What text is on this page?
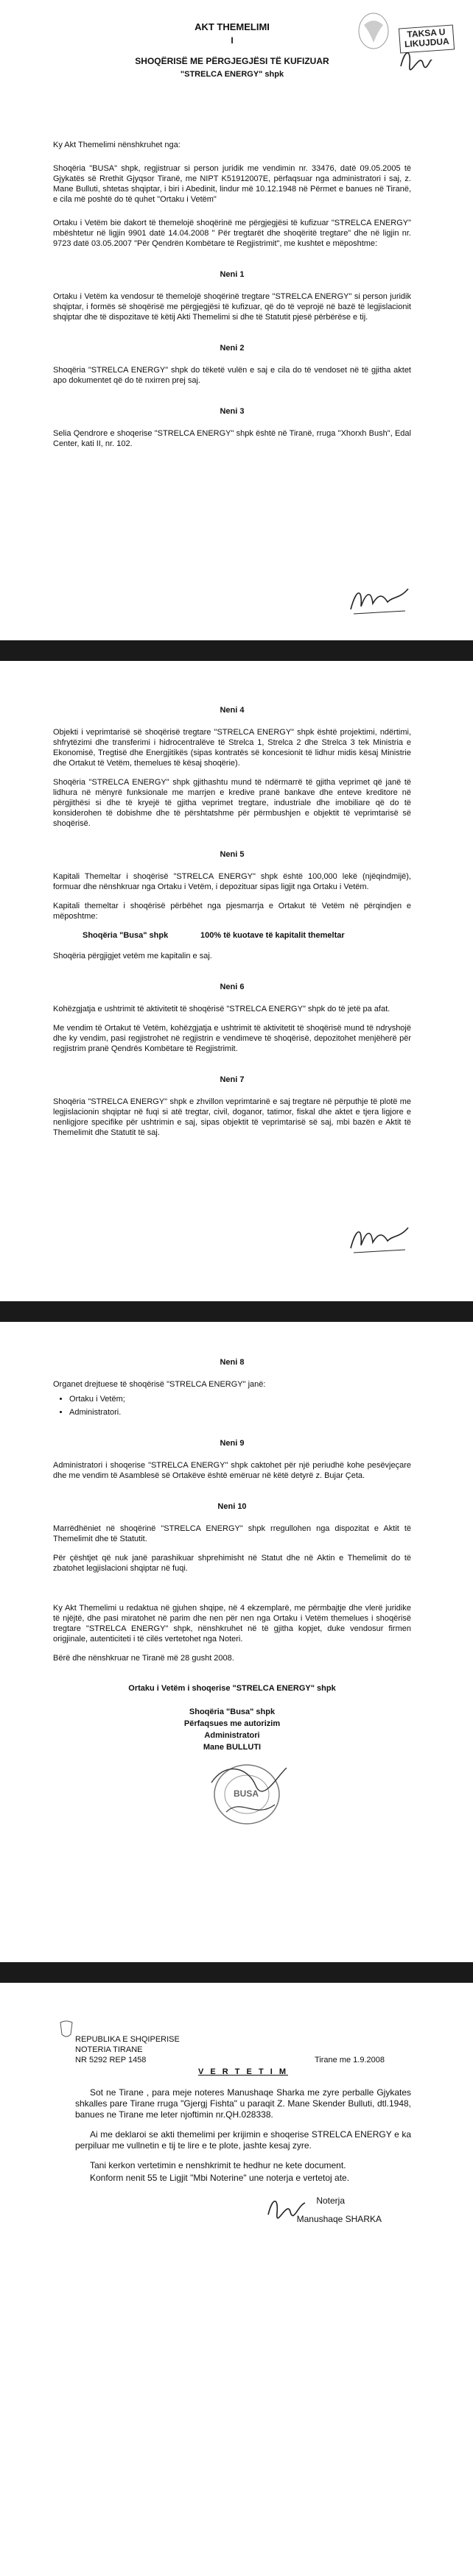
TAKSA U LIKUJDUA
AKT THEMELIMI
I
SHOQËRISË ME PËRGJEGJËSI TË KUFIZUAR
"STRELCA ENERGY" shpk

Ky Akt Themelimi nënshkruhet nga:

Shoqëria "BUSA" shpk, regjistruar si person juridik me vendimin nr. 33476, datë 09.05.2005 të Gjykatës së Rrethit Gjyqsor Tiranë, me NIPT K51912007E, përfaqsuar nga administratori i saj, z. Mane Bulluti, shtetas shqiptar, i biri i Abedinit, lindur më 10.12.1948 në Përmet e banues në Tiranë, e cila më poshtë do të quhet "Ortaku i Vetëm"

Ortaku i Vetëm bie dakort të themelojë shoqërinë me përgjegjësi të kufizuar "STRELCA ENERGY" mbështetur në ligjin 9901 datë 14.04.2008 " Për tregtarët dhe shoqëritë tregtare" dhe në ligjin nr. 9723 datë 03.05.2007 "Për Qendrën Kombëtare të Regjistrimit", me kushtet e mëposhtme:

Neni 1

Ortaku i Vetëm ka vendosur të themelojë shoqërinë tregtare "STRELCA ENERGY" si person juridik shqiptar, i formës së shoqërisë me përgjegjësi të kufizuar, që do të veprojë në bazë të legjislacionit shqiptar dhe të dispozitave të këtij Akti Themelimi si dhe të Statutit pjesë përbërëse e tij.

Neni 2

Shoqëria "STRELCA ENERGY" shpk do tëketë vulën e saj e cila do të vendoset në të gjitha aktet apo dokumentet që do të nxirren prej saj.

Neni 3

Selia Qendrore e shoqerise "STRELCA ENERGY" shpk është në Tiranë, rruga "Xhorxh Bush", Edal Center, kati II, nr. 102.

Neni 4

Objekti i veprimtarisë së shoqërisë tregtare "STRELCA ENERGY" shpk është projektimi, ndërtimi, shfrytëzimi dhe transferimi i hidrocentralëve të Strelca 1, Strelca 2 dhe Strelca 3 tek Ministria e Ekonomisë, Tregtisë dhe Energjitikës (sipas kontratës së koncesionit të lidhur midis kësaj Ministrie dhe Ortakut të Vetëm, themelues të kësaj shoqërie).

Shoqëria "STRELCA ENERGY" shpk gjithashtu mund të ndërmarrë të gjitha veprimet që janë të lidhura në mënyrë funksionale me marrjen e kredive pranë bankave dhe enteve kreditore në përgjithësi si dhe të kryejë të gjitha veprimet tregtare, industriale dhe imobiliare që do të konsiderohen të dobishme dhe të përshtatshme për përmbushjen e objektit të veprimtarisë së shoqërisë.

Neni 5

Kapitali Themeltar i shoqërisë "STRELCA ENERGY" shpk është 100,000 lekë (njëqindmijë), formuar dhe nënshkruar nga Ortaku i Vetëm, i depozituar sipas ligjit nga Ortaku i Vetëm.

Kapitali themeltar i shoqërisë përbëhet nga pjesmarrja e Ortakut të Vetëm në përqindjen e mëposhtme:

Shoqëria "Busa" shpk	100% të kuotave të kapitalit themeltar

Shoqëria përgjigjet vetëm me kapitalin e saj.

Neni 6

Kohëzgjatja e ushtrimit të aktivitetit të shoqërisë "STRELCA ENERGY" shpk do të jetë pa afat.

Me vendim të Ortakut të Vetëm, kohëzgjatja e ushtrimit të aktivitetit të shoqërisë mund të ndryshojë dhe ky vendim, pasi regjistrohet në regjistrin e vendimeve të shoqërisë, depozitohet menjëherë për regjistrim pranë Qendrës Kombëtare të Regjistrimit.

Neni 7

Shoqëria "STRELCA ENERGY" shpk e zhvillon veprimtarinë e saj tregtare në përputhje të plotë me legjislacionin shqiptar në fuqi si atë tregtar, civil, doganor, tatimor, fiskal dhe aktet e tjera ligjore e nenligjore specifike për ushtrimin e saj, sipas objektit të veprimtarisë së saj, mbi bazën e Aktit të Themelimit dhe Statutit të saj.

Neni 8

Organet drejtuese të shoqërisë "STRELCA ENERGY" janë:

• Ortaku i Vetëm;
• Administratori.
Neni 9

Administratori i shoqerise "STRELCA ENERGY" shpk caktohet për një periudhë kohe pesëvjeçare dhe me vendim të Asamblesë së Ortakëve është emëruar në këtë detyrë z. Bujar Çeta.

Neni 10

Marrëdhëniet në shoqërinë "STRELCA ENERGY" shpk rregullohen nga dispozitat e Aktit të Themelimit dhe të Statutit.

Për çështjet që nuk janë parashikuar shprehimisht në Statut dhe në Aktin e Themelimit do të zbatohet legjislacioni shqiptar në fuqi.

Ky Akt Themelimi u redaktua në gjuhen shqipe, në 4 ekzemplarë, me përmbajtje dhe vlerë juridike të njëjtë, dhe pasi miratohet në parim dhe nen për nen nga Ortaku i Vetëm themelues i shoqërisë tregtare "STRELCA ENERGY" shpk, nënshkruhet në të gjitha kopjet, duke vendosur firmen origjinale, autenticiteti i të cilës vertetohet nga Noteri.

Bërë dhe nënshkruar ne Tiranë më 28 gusht 2008.

Ortaku i Vetëm i shoqerise "STRELCA ENERGY" shpk
Shoqëria "Busa" shpk
Përfaqsues me autorizim
Administratori
Mane BULLUTI
BUSA
REPUBLIKA E SHQIPERISE
NOTERIA TIRANE
NR 5292 REP 1458	Tirane me 1.9.2008
V E R T E T I M

Sot ne Tirane , para meje noteres Manushaqe Sharka me zyre perballe Gjykates shkalles pare Tirane rruga "Gjergj Fishta" u paraqit Z. Mane Skender Bulluti, dtl.1948, banues ne Tirane me leter njoftimin nr.QH.028338.

Ai me deklaroi se akti themelimi per krijimin e shoqerise STRELCA ENERGY e ka perpiluar me vullnetin e tij te lire e te plote, jashte kesaj zyre.

Tani kerkon vertetimin e nenshkrimit te hedhur ne kete document.

Konform nenit 55 te Ligjit "Mbi Noterine" une noterja e vertetoj ate.

Noterja
Manushaqe SHARKA
